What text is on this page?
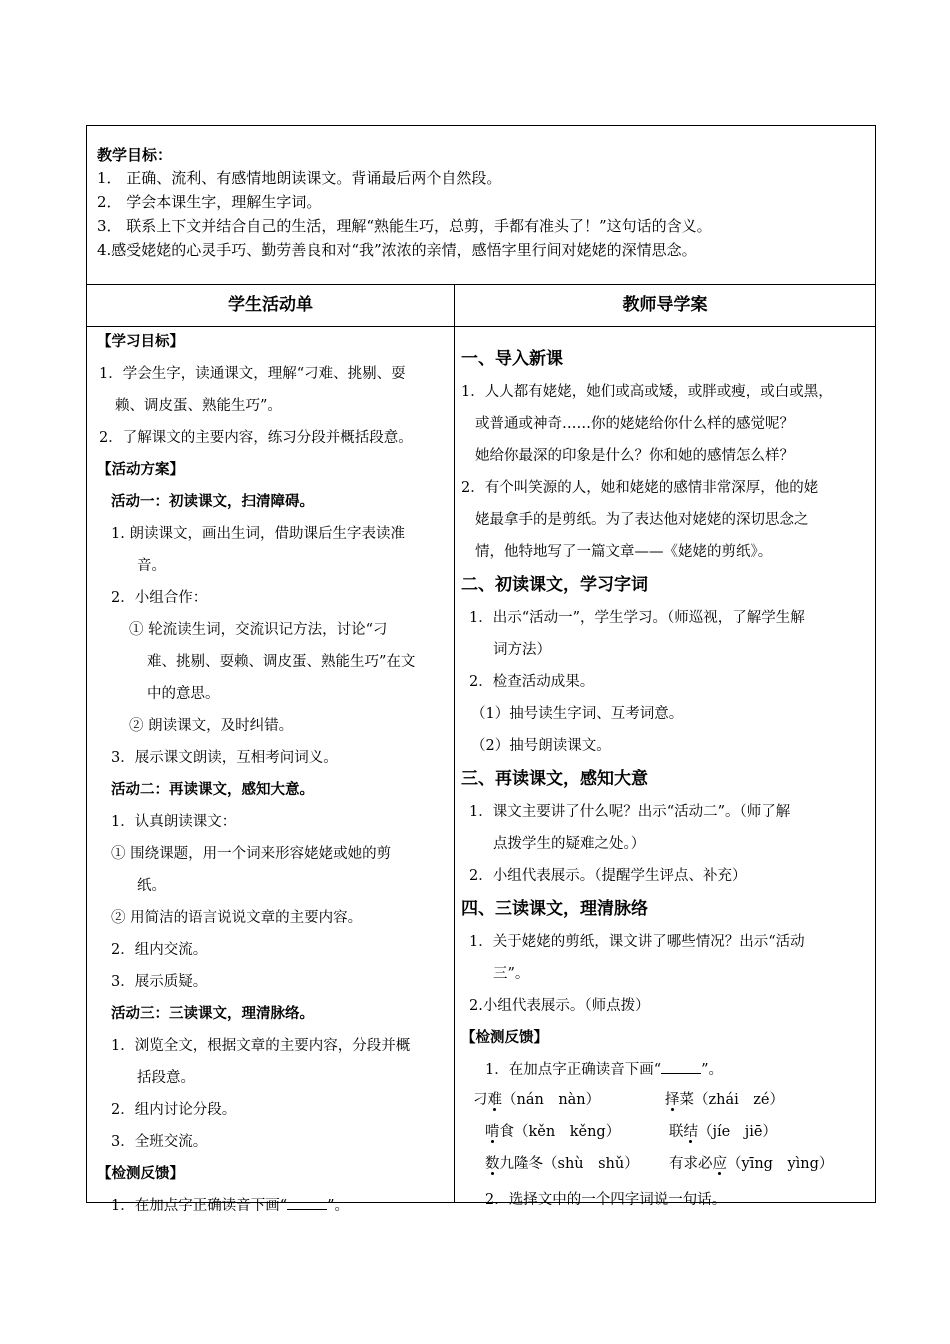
教学目标：
1． 正确、流利、有感情地朗读课文。背诵最后两个自然段。
2． 学会本课生字，理解生字词。
3． 联系上下文并结合自己的生活，理解“熟能生巧，总剪，手都有准头了！”这句话的含义。
4.感受姥姥的心灵手巧、勤劳善良和对“我”浓浓的亲情，感悟字里行间对姥姥的深情思念。
学生活动单	教师导学案
【学习目标】
1．学会生字，读通课文，理解“刁难、挑剔、耍
赖、调皮蛋、熟能生巧”。
2．了解课文的主要内容，练习分段并概括段意。
【活动方案】
活动一：初读课文，扫清障碍。
1. 朗读课文，画出生词，借助课后生字表读准
音。
2．小组合作：
① 轮流读生词，交流识记方法，讨论“刁
难、挑剔、耍赖、调皮蛋、熟能生巧”在文
中的意思。
② 朗读课文，及时纠错。
3．展示课文朗读，互相考问词义。
活动二：再读课文，感知大意。
1．认真朗读课文：
① 围绕课题，用一个词来形容姥姥或她的剪
纸。
② 用简洁的语言说说文章的主要内容。
2．组内交流。
3．展示质疑。
活动三：三读课文，理清脉络。
1．浏览全文，根据文章的主要内容，分段并概
括段意。
2．组内讨论分段。
3．全班交流。
【检测反馈】
1．在加点字正确读音下画“	”。
一、导入新课
1．人人都有姥姥，她们或高或矮，或胖或瘦，或白或黑，
或普通或神奇……你的姥姥给你什么样的感觉呢？
她给你最深的印象是什么？你和她的感情怎么样？
2．有个叫笑源的人，她和姥姥的感情非常深厚，他的姥
姥最拿手的是剪纸。为了表达他对姥姥的深切思念之
情，他特地写了一篇文章——《姥姥的剪纸》。
二、初读课文，学习字词
1．出示“活动一”，学生学习。（师巡视，了解学生解
词方法）
2．检查活动成果。
（1）抽号读生字词、互考词意。
（2）抽号朗读课文。
三、再读课文，感知大意
1．课文主要讲了什么呢？出示“活动二”。（师了解
点拨学生的疑难之处。）
2．小组代表展示。（提醒学生评点、补充）
四、三读课文，理清脉络
1．关于姥姥的剪纸，课文讲了哪些情况？出示“活动
三”。
2.小组代表展示。（师点拨）
【检测反馈】
1．在加点字正确读音下画“	”。
刁难（nán　nàn）	择菜（zhái　zé）
啃食（kěn　kěng）	联结（jíe　jiē）
数九隆冬（shù　shǔ） 有求必应（yīng　yìng）
2．选择文中的一个四字词说一句话。
